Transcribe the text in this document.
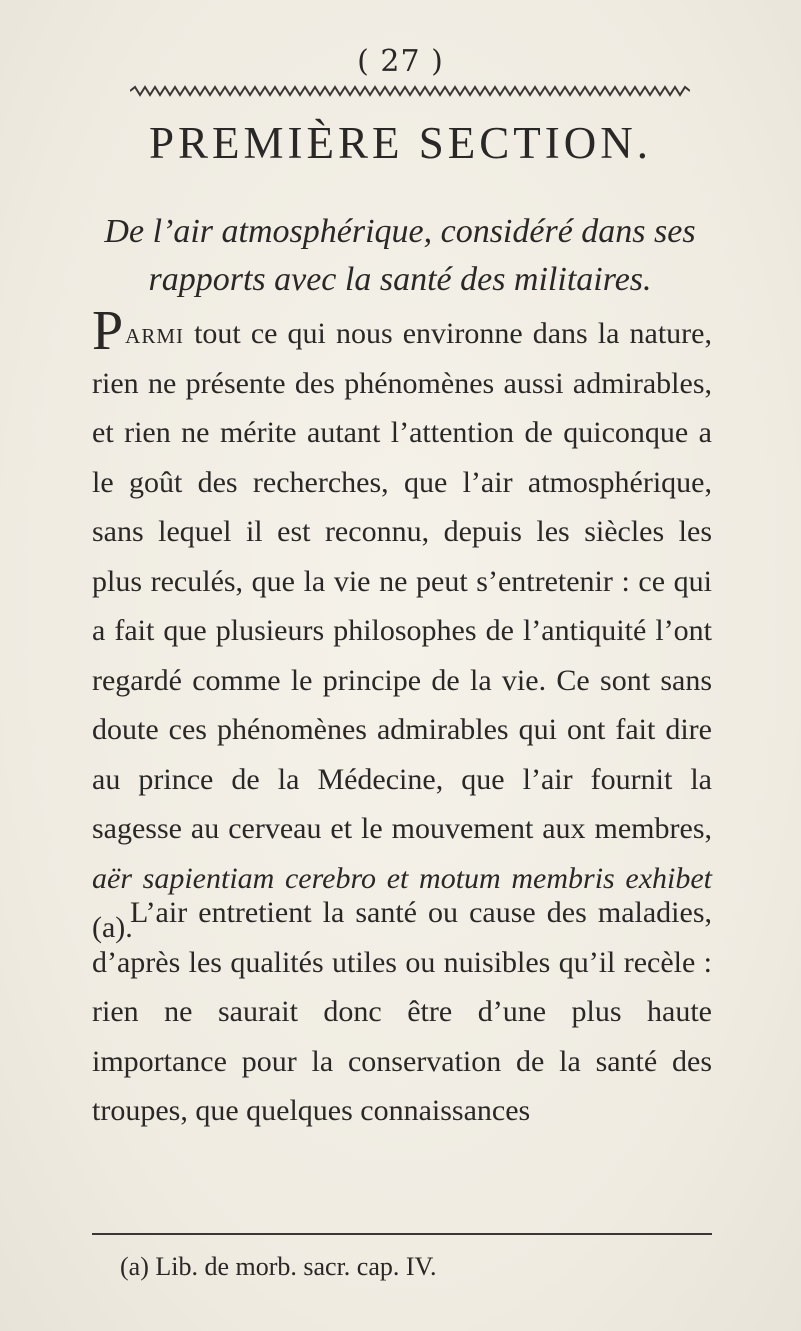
( 27 )
PREMIÈRE SECTION.
De l’air atmosphérique, considéré dans ses rapports avec la santé des militaires.
Parmi tout ce qui nous environne dans la nature, rien ne présente des phénomènes aussi admirables, et rien ne mérite autant l’attention de quiconque a le goût des recherches, que l’air atmosphérique, sans lequel il est reconnu, depuis les siècles les plus reculés, que la vie ne peut s’entretenir : ce qui a fait que plusieurs philosophes de l’antiquité l’ont regardé comme le principe de la vie. Ce sont sans doute ces phénomènes admirables qui ont fait dire au prince de la Médecine, que l’air fournit la sagesse au cerveau et le mouvement aux membres, aër sapientiam cerebro et motum membris exhibet (a).
L’air entretient la santé ou cause des maladies, d’après les qualités utiles ou nuisibles qu’il recèle : rien ne saurait donc être d’une plus haute importance pour la conservation de la santé des troupes, que quelques connaissances
(a) Lib. de morb. sacr. cap. IV.
